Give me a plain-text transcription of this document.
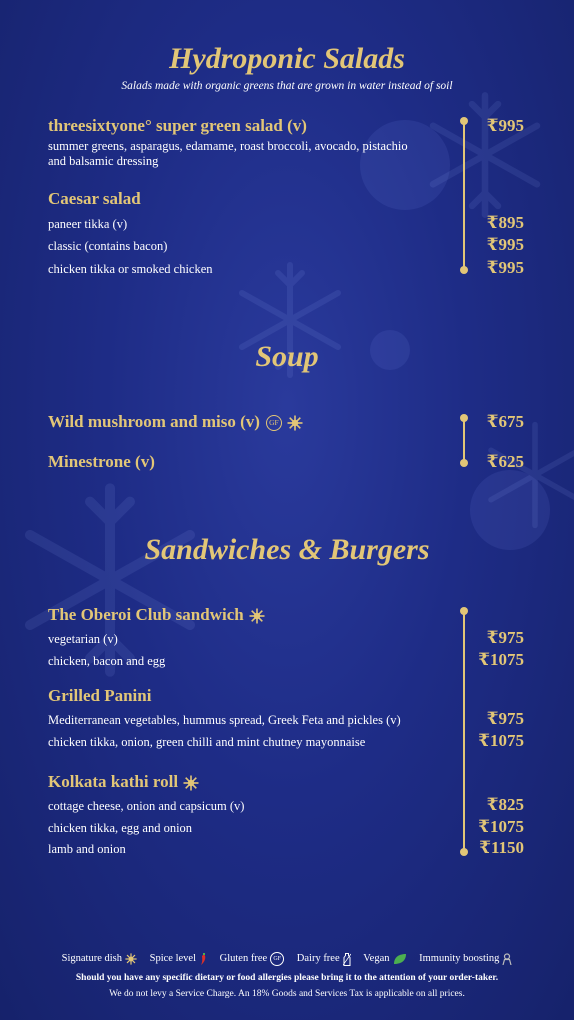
Hydroponic Salads

Salads made with organic greens that are grown in water instead of soil

threesixtyone° super green salad (v)

summer greens, asparagus, edamame, roast broccoli, avocado, pistachio and balsamic dressing

₹995

Caesar salad

paneer tikka (v)	₹895

classic (contains bacon)	₹995

chicken tikka or smoked chicken	₹995

Soup

Wild mushroom and miso (v) GF	₹675

Minestrone (v)	₹625

Sandwiches & Burgers

The Oberoi Club sandwich

vegetarian (v)	₹975

chicken, bacon and egg	₹1075

Grilled Panini

Mediterranean vegetables, hummus spread, Greek Feta and pickles (v)	₹975

chicken tikka, onion, green chilli and mint chutney mayonnaise	₹1075

Kolkata kathi roll

cottage cheese, onion and capsicum (v)	₹825

chicken tikka, egg and onion	₹1075

lamb and onion	₹1150

Signature dish	Spice level Gluten free GF Dairy free Vegan	Immunity boosting

Should you have any specific dietary or food allergies please bring it to the attention of your order-taker.

We do not levy a Service Charge. An 18% Goods and Services Tax is applicable on all prices.
